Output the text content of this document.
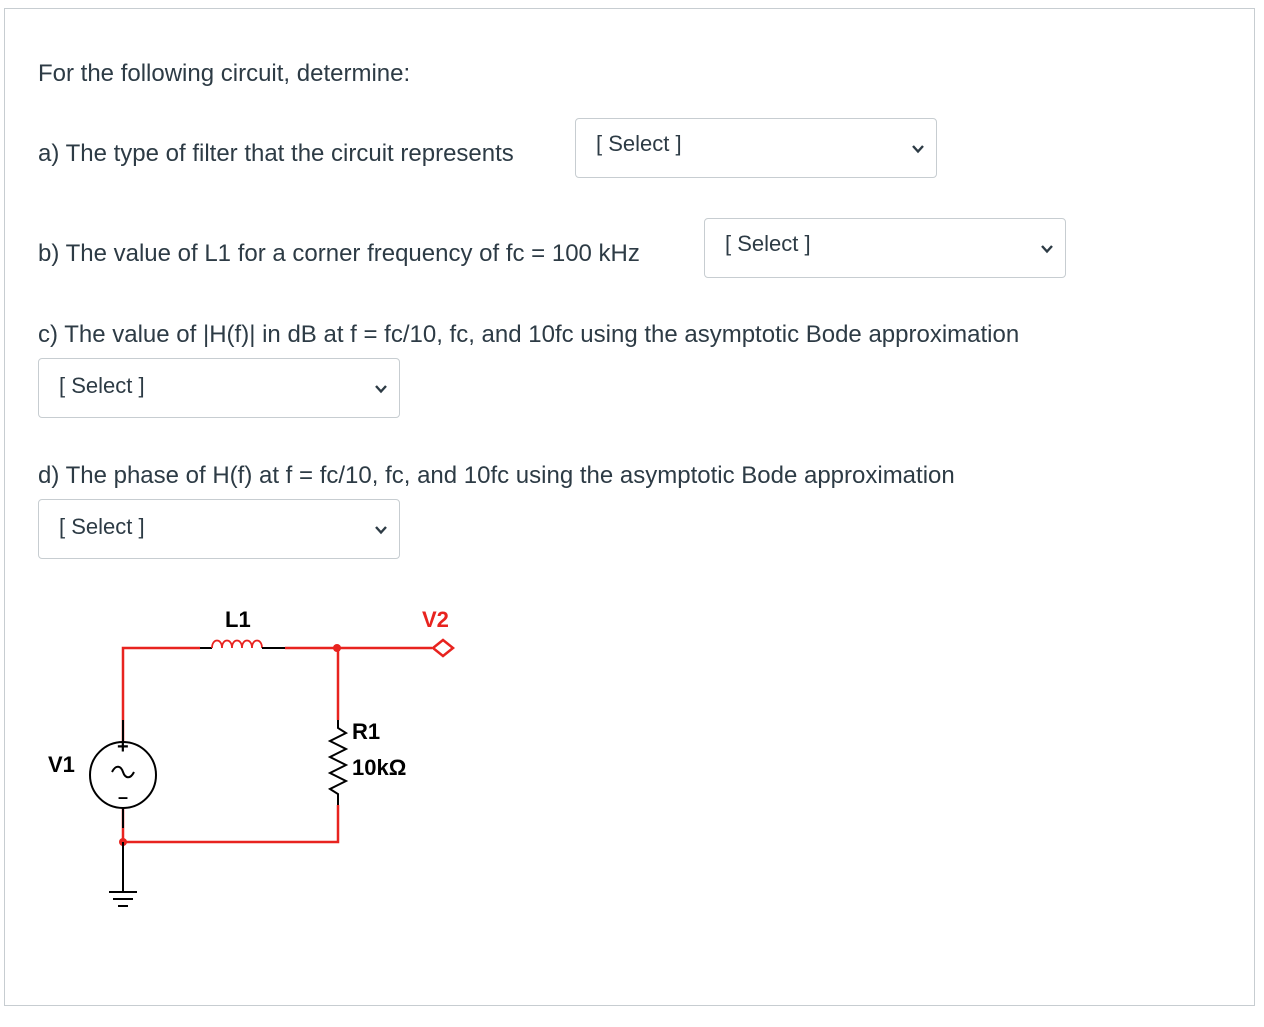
For the following circuit, determine:
a) The type of filter that the circuit represents	[ Select ]
b) The value of L1 for a corner frequency of fc = 100 kHz	[ Select ]
c) The value of |H(f)| in dB at f = fc/10, fc, and 10fc using the asymptotic Bode approximation
[ Select ]
d) The phase of H(f) at f = fc/10, fc, and 10fc using the asymptotic Bode approximation
[ Select ]
L1	V2
R1
10kΩ
V1
+
–
